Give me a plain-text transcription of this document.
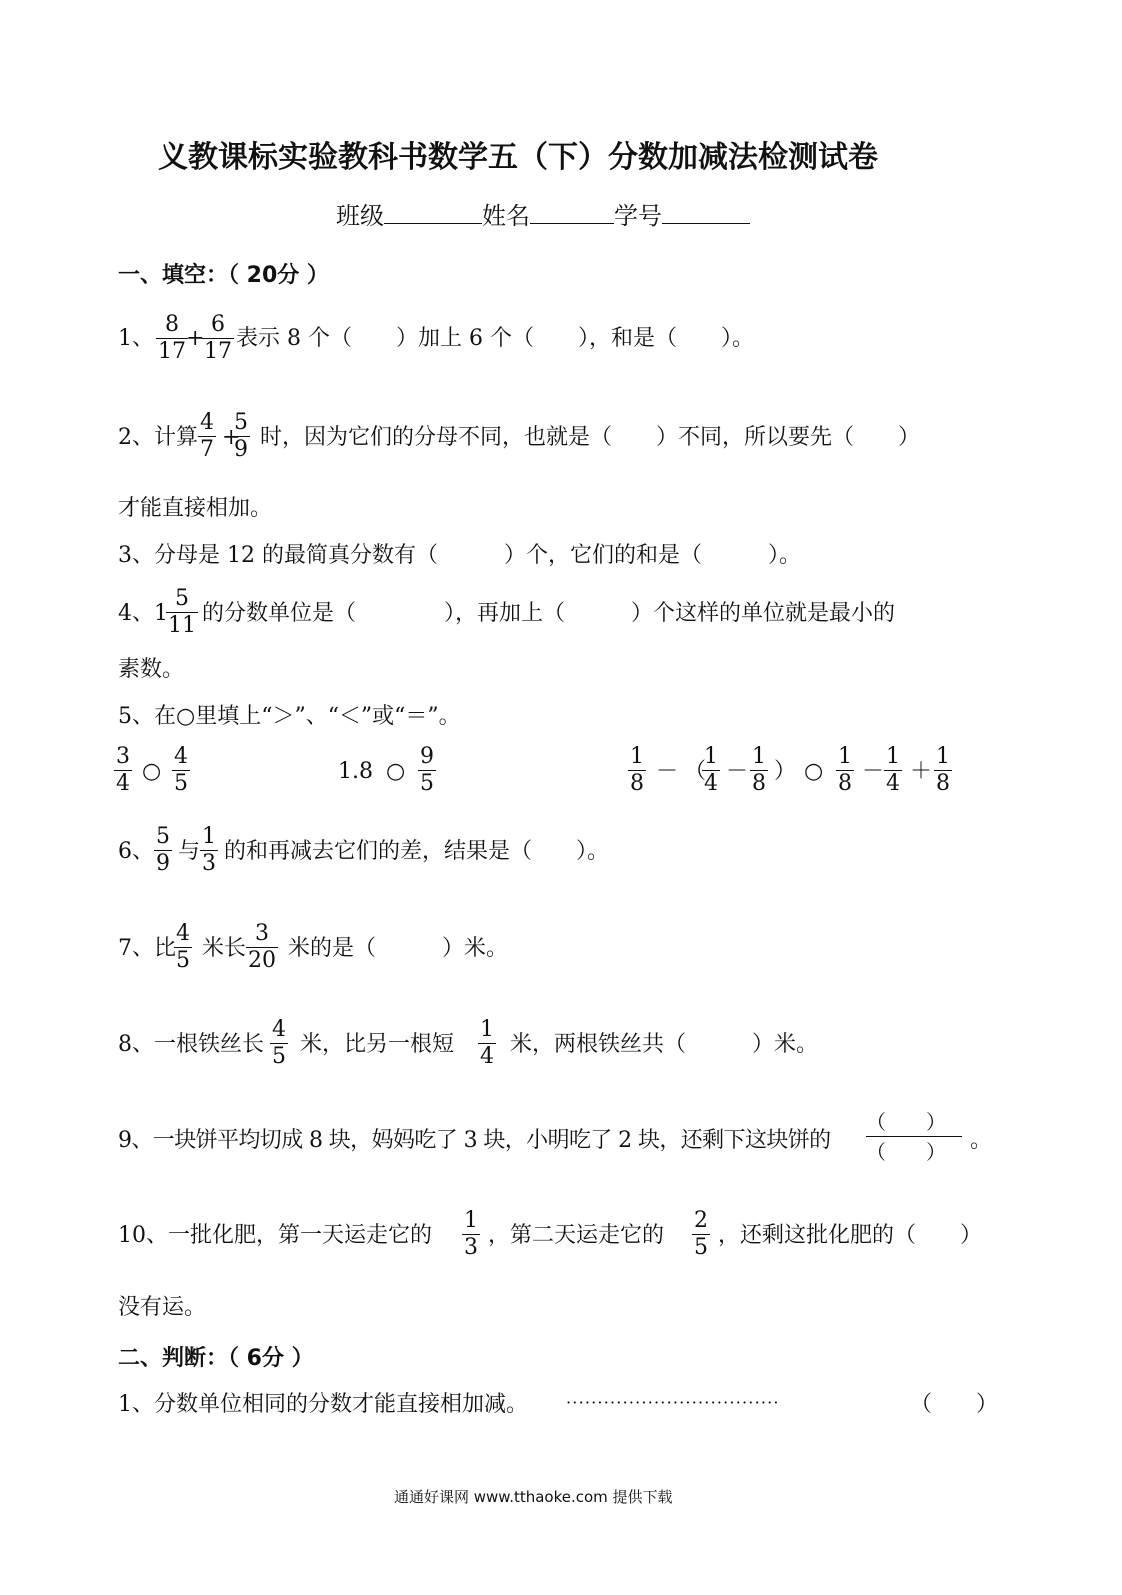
义教课标实验教科书数学五（下）分数加减法检测试卷
班级	姓名	学号
一、填空：（ 20分 ）
1、
8
17
+
6
17
表示 8 个（　　）加上 6 个（　　），和是（　　）。
2、计算
4
7 +
5
9 时，因为它们的分母不同，也就是（　　）不同，所以要先（　　）
才能直接相加。
3、分母是 12 的最简真分数有（　　　）个，它们的和是（　　　）。
4、1
5
11 的分数单位是（　　　　），再加上（　　　）个这样的单位就是最小的
素数。
5、在○里填上“＞”、“＜”或“＝”。
3
4 ○
4
5	1.8 ○
9
5
1
8 － （
1
4 －
1
8 ） ○
1
8 －
1
4 ＋
1
8
6、
5
9 与
1
3 的和再减去它们的差，结果是（　　）。
7、比
4
5 米长
3
20 米的是（　　　）米。
8、一根铁丝长
4
5 米，比另一根短
1
4 米，两根铁丝共（　　　）米。
9、一块饼平均切成 8 块，妈妈吃了 3 块，小明吃了 2 块，还剩下这块饼的
（　　）
（　　） 。
10、一批化肥，第一天运走它的
1
3 ，第二天运走它的
2
5 ，还剩这批化肥的（　　）
没有运。
二、判断：（ 6分 ）
1、分数单位相同的分数才能直接相加减。 ··································	（　　）
通通好课网 www.tthaoke.com 提供下载
